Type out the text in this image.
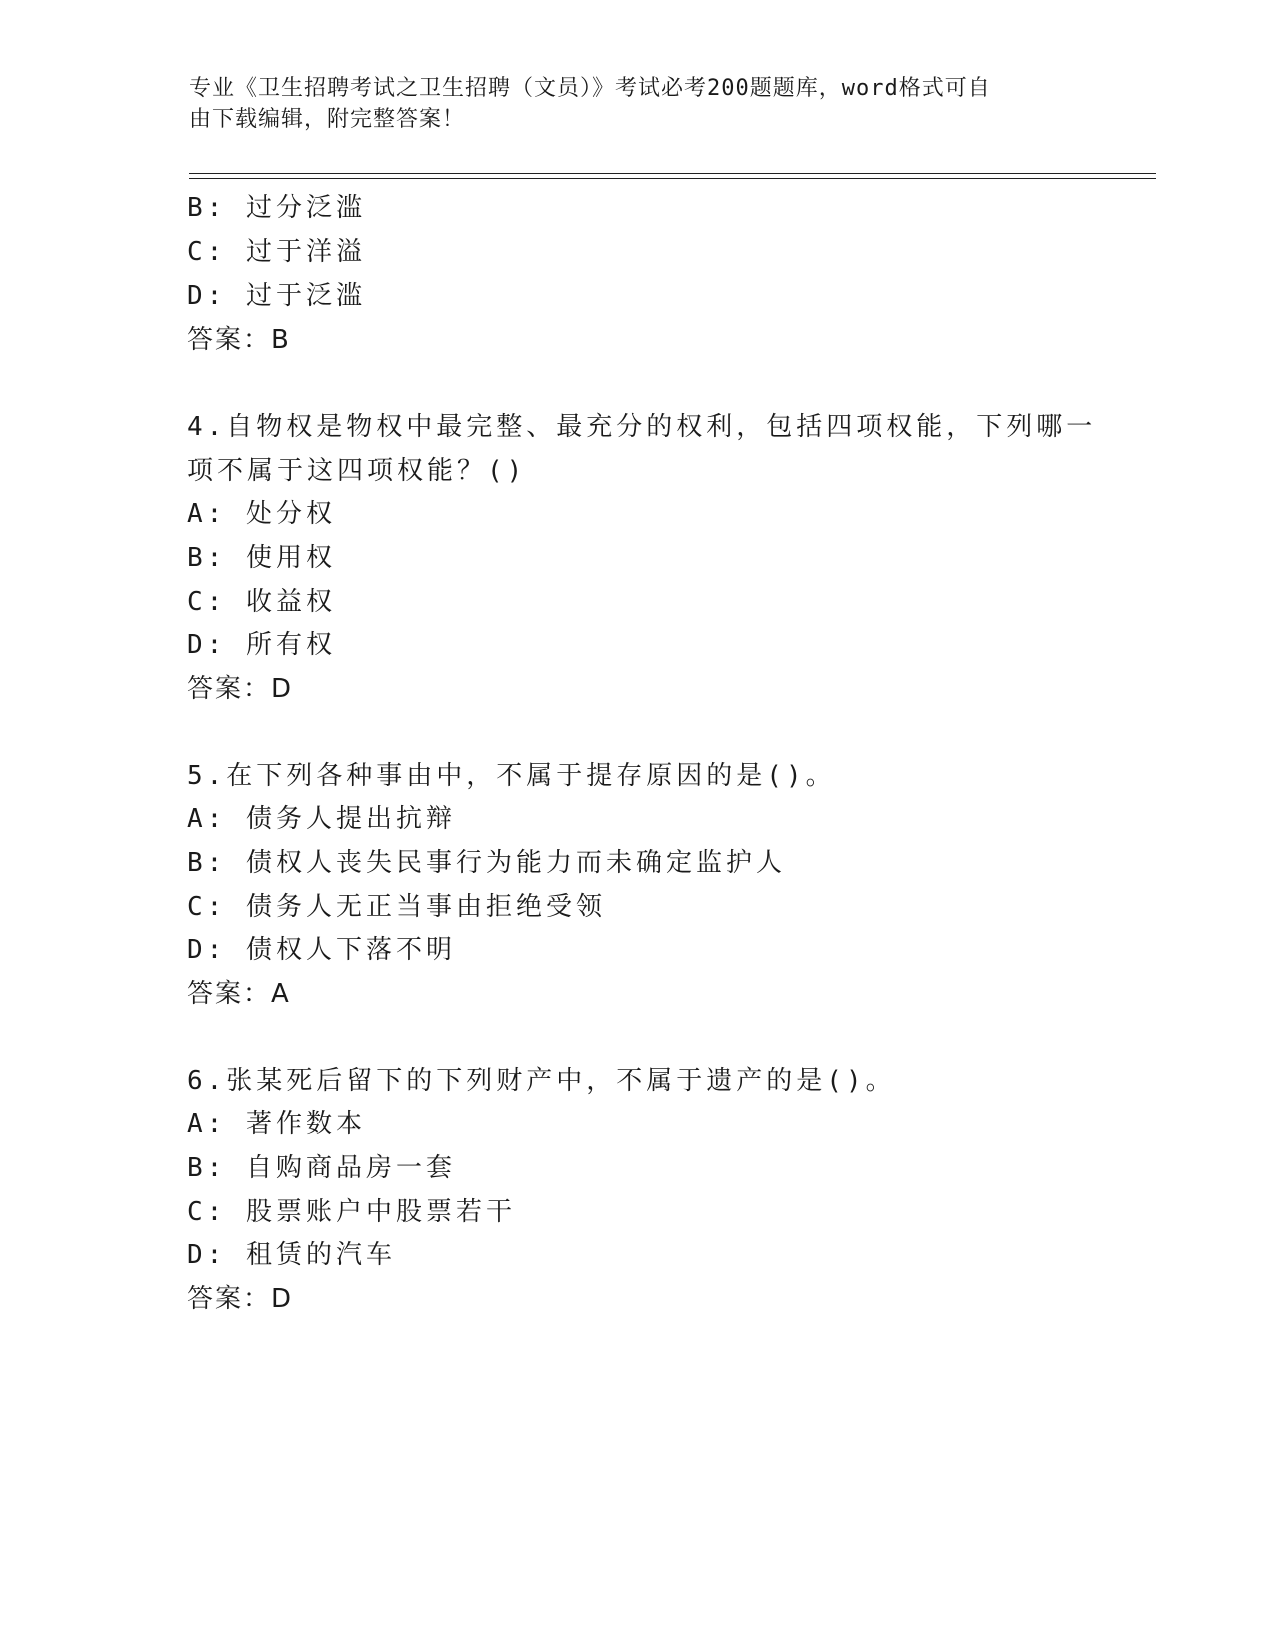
专业《卫生招聘考试之卫生招聘（文员）》考试必考200题题库，word格式可自
由下载编辑，附完整答案！
B: 过分泛滥
C: 过于洋溢
D: 过于泛滥
答案：B
4.自物权是物权中最完整、最充分的权利，包括四项权能，下列哪一
项不属于这四项权能？()
A: 处分权
B: 使用权
C: 收益权
D: 所有权
答案：D
5.在下列各种事由中，不属于提存原因的是()。
A: 债务人提出抗辩
B: 债权人丧失民事行为能力而未确定监护人
C: 债务人无正当事由拒绝受领
D: 债权人下落不明
答案：A
6.张某死后留下的下列财产中，不属于遗产的是()。
A: 著作数本
B: 自购商品房一套
C: 股票账户中股票若干
D: 租赁的汽车
答案：D
